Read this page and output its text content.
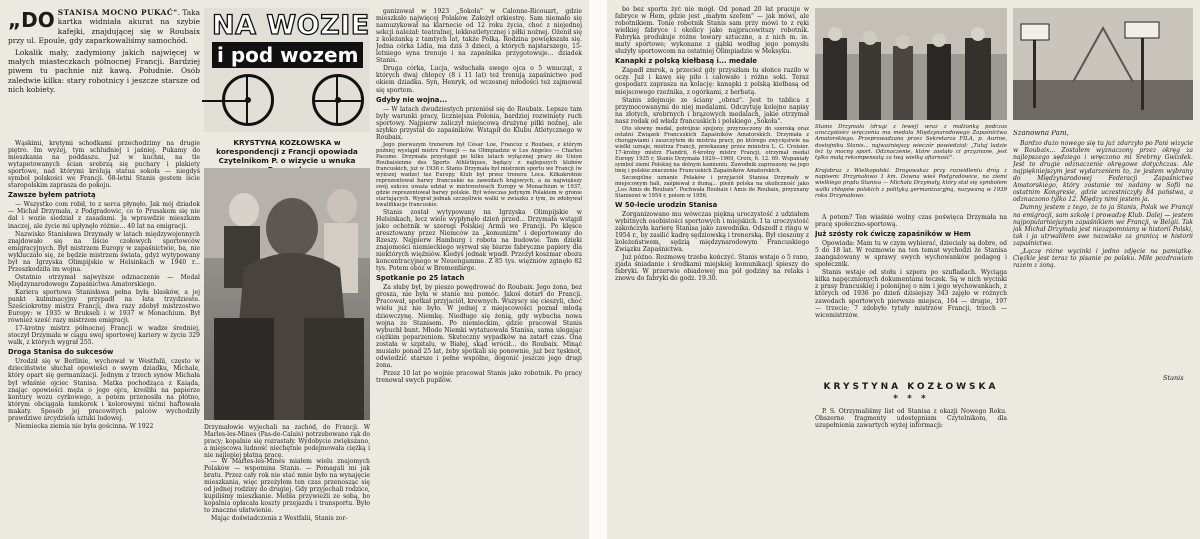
„DO STANISA MOCNO PUKAĆ". Taka kartka widniała akurat na szybie kafejki, znajdującej się w Roubaix przy ul. Epoule, gdy zaparkowaliśmy samochód.
Lokalik mały, zadymiony jakich najwięcej w małych miasteczkach północnej Francji. Bardziej piwem tu pachnie niż kawą. Południe. Osób zaledwie kilka: stary robotnicy i jeszcze starsze od nich kobiety.

Wąskimi, krętymi schodkami przechodzimy na drugie piętro. Im wyżej, tym schludniej i jaśniej. Pukamy do mieszkania na poddaszu. Już w kuchni, na tle wytapetowanych ścian srebrzą się puchary i plakiety sportowe, nad którymi królują statua sokoła — niegdyś symbol polskości we Francji. 68-letni Stanis gestem iście staropolskim zaprasza do pokoju.

Zawsze byłem patriotą

— Wszystko com robił, to z serca płynęło. Jak mój dziadek — Michał Drzymała, z Podgradowic, co to Prusakom się nie dał i wozie siedział z zasadami. Ja wprawdzie mieszkam inaczej, ale życie mi upłynęło różnie... 40 lat na emigracji.

Nazwisko Stanisława Drzymały w latach międzywojennych znajdowało się na liście czołowych sportowców emigracyjnych. Był mistrzem Europy w zapaśnictwie, ba, nie wykluczało się, że będzie mistrzem świata, gdyż wytypowany był na Igrzyska Olimpijskie w Helsinkach w 1940 r... Przeszkodziła im wojna.

Ostatnio otrzymał najwyższe odznaczenie — Medal Międzynarodowego Zapaśnictwa Amatorskiego.

Kariera sportowa Stanisława pełna była blasków, a jej punkt kulminacyjny przypadł na lata trzydzieste. Sześciokrotny mistrz Francji, dwa razy zdobył mistrzostwo Europy: w 1935 w Brukseli i w 1937 w Monachium. Był również sześć razy mistrzem emigracji.

17-krotny mistrz północnej Francji w wadze średniej, stoczył Drzymała w ciągu swej sportowej kariery w życiu 329 walk, z których wygrał 255.

Droga Stanisa do sukcesów

Urodził się w Berlinie, wychował w Westfalii, często w dzieciństwie słuchał opowieści o swym dziadku, Michale, który opart się germanizacji. Jednym z trzech synów Michała był właśnie ojciec Stanisa. Matka pochodząca z Kaiąda, znając opowieści męża o jego ojcu, kreśliła na papierze kontury wozu cyrkowego, a potem przenosiła na płótno, którym obciągała łamkorek i kolorowymi nićmi haftowała makaty. Sposób jej pracowitych palców wychodziły prawdziwe arcydzieła sztuki ludowej.

Niemiecka ziemia nie była gościnna. W 1922

NA WOZIE
i pod wozem
KRYSTYNA KOZŁOWSKA w korespondencji z Francji opowiada Czytelnikom P. o wizycie u wnuka
Drzymałowie wyjechali na zachód, do Francji. W Marles-les-Mines (Pas-de-Calais) potrzebowano rąk do pracy; kopalnie się rozrastały. Wydobycie zwiększano, a miejscowa ludność niechętnie podejmowała ciężką i nie najlepiej płatną pracę.

— W Marles-les-Mines miałem wielu znajomych Polaków — wspomina Stanis. — Pomagali mi jak bratu. Przez cały rok nie stać mnie było na wynajęcie mieszkania, więc przeżyłem ten czas przenosząc się od jednej rodziny do drugiej. Gdy przyjechali rodzice, kupiliśmy mieszkanie. Mebla przywieźli ze sobą, bo kopalnia opłacała koszty przejazdu i transportu. Było to znaczne ułatwienie.

Mając doświadczenia z Westfalii, Stanis zor-

ganizował w 1923 „Sokoła" w Calonne-Ricouart, gdzie mieszkało najwięcej Polaków. Założył orkiestrę. Sam niemało się namuzykował na klarnecie od 12 roku życia, choć z niejednej sekcji należał: teatralnej, lekkoatletycznej i piłki nożnej. Ożenił się z koleżanką z tamtych lat, także Polką. Rodzina powiększała się. Jedna córka Lidia, ma dziś 3 dzieci, a których najstarszego, 15-letniego syna trenuje i na zapaśnika przygotowuje... dziadek Stanis.

Druga córka, Lucja, wsłuchała swego ojca o 5 wnucząt, z których dwaj chłopcy (8 i 11 lat) też trenują zapaśnictwo pod okiem dziadka. Syn, Henryk, od wczesnej młodości też zajmowal się sportem.

Gdyby nie wojna...

— W latach dwudziestych przeniósł się do Roubaix. Lepsze tam były warunki pracy, liczniejsza Polonia, bardziej rozwinięty ruch sportowy. Najpierw zaliczył miejscową drużynę piłki nożnej, ale szybko przystał do zapaśników. Wstąpił do Klubu Atletycznego w Roubaix.

Jego pierwszym trenerem był César Loe, Francuz z Roubaix, z którym później wystąpił mistrz Francji — na Olimpiadzie w Los Angeles — Charles Pacome. Drzymała przystąpił po kilku latach wyłącznej pracy do Union Roubaisienne des Sports Athlétiques, będący z najlepszych klubów francuskich, już w 1936 r. Stanis Drzymała był mistrzem sportu we Francji (w wyższej wadze) tez Europy. Klub był przez trenera Loca. Kilkakrotnie reprezentował barwy francuskie na zawodach krajowych, a za największy swój sukces uważa udział w mistrzostwach Europy w Monachium w 1937, gdzie reprezentował barwy polskie. Był wówczas jedynym Polakiem w gronie startujących. Wygrał jednak szczęśliwie walki w zwiazku z tym, że zdobywał kwalifikacje francuskie.

Stanis został wytypowany na Igrzyska Olimpijskie w Helsinkach, lecz wiele wypłynęło dzień przed... Drzymała wstąpił jako ochotnik w szeregi Polskiej Armii we Francji. Po klęsce aresztowany przez Niemców za „komunizm" i deportowany do Rzeszy. Najpierw Hamburg i robota na budowie. Tam dzięki znajomości niemieckiego wyrwał się biurze fabryczne papiery dla niektórych więźniów. Kiedyś jednak wpadł. Przeżył koszmar obozu koncentracyjnego w Neuengamme. Z 85 tys. więźniów zginęło 82 tys. Potem obóz w Bremenfarge.

Spotkanie po 25 latach

Za słaby był, by pieszo powędrować do Roubaix. Jego żona, bez grosza, nie była w stanie mu pomóc. Jakoś dotarł do Francji. Pracował, spotkał przyjaciół, krewnych. Wszyscy się cieszyli, choć wielu już nie było. W jednej z miejscowości poznał młodą dziewczynę. Niemkę. Niedługo się żenią, gdy wybucha nowa wojna ze Stanisem. Po niemieckim, gdzie pracował Stanis wybuchł bunt. Młode Niemki wytatuowała Stanisa, sama ulegając ciężkim poparzeniom. Skuteczny wypadków na zatarł czas. Ona została w szpitalu, w Białej, skąd wrócił... do Roubaix. Minąć musiało ponad 25 lat, żeby spotkali się ponownie, już bez tęsknot, odwiedzić starsze i pełne wspólne, dogonić jeszcze jego drugi żona.

Przez 10 lat po wojnie pracował Stanis jako robotnik. Po pracy trenował swych pupilów.

bo bez sportu żyć nie mógł. Od ponad 20 lat pracuje w fabryce w Hem, gdzie jest „małym szefem" — jak mówi, ale robotnikiem. Tonie robotnik Stanis sam przy mówi to z ręki wielkiej fabryce i okolicy jako najpracowitszy robotnik. Fabryka produkuje różne towary sztuczne, a z nich m. in. maty sportowe; wykonane z gąbki według jego pomysłu służyły sportowcom na ostatniej Olimpiadzie w Meksyku.

Kanapki z polską kiełbasą i... medale

Zapadł zmrok, a przecież gdy przyszłam tu słońce raziło w oczy. Już i kawę się piło i całowało i różne soki. Teraz gospodarz zaprasza na kolację: kanapki z polską kiełbasą od miejscowego rzeźnika, z ogórkami, z herbatą.

Stanis zdejmuje ze ściany „obraz". Jest to tablica z przymocowanymi do niej medalami. Odczytuję kolejno napisy na złotych, srebrnych i brązowych medalach, jakie otrzymał nasz rodak od władz francuskich i polskiego „Sokoła".

Oto słowny medal, potrójnie spojony, przyrzeczony do szeroką oraz ostatni Związek Francuskich Zapaśników Amatorskich. Drzymała z chorągwiami i zaszczytem do mistrza pracy, po którego zwycięstwie na wielki uznaje, mistrza Francji, przekazany przez ministra L. C. Croisier. 17-krotny mistrz Flandrii, 6-krotny mistrz Francji, otrzymał medal Europy 1935 r, Stanis Drzymała 1929—1969, Croix, 6. 12. 69. Wspaniały symbol ziemi Polskiej na dolnym kamieniu. Zawodnik zaproszony na jego imię i polskie znaczenie Francuskich Zapaśników Amatorskich.

Szczególne uznanie Polaków i przyjaciół Stanisa Drzymały w miejscowym hali, zaśpiewał z dumą... pieśń polska na okoliczność jako „Les Amis de Roubaix". Pochwała Roubaix i Amis de Roubaix, przyznany Stanisowi w 1954 r, potem w 1956.

W 50-lecie urodzin Stanisa

Zorganizowano mu wówczas piękną uroczystość z udziałem wybitnych osobistości sportowych i miejskich. I ta uroczystość zakończyła karierę Stanisa jako zawodnika. Odszedł z ringu w 1954 r., by zasilić kadrę sędziowską i trenerską. Był cieszony z koleżeństwem, sędzią międzynarodowym Francuskiego Związku Zapaśnictwa.

Już późno. Rozmowę trzeba kończyć. Stanis wstaje o 5 rano, zjada śniadanie i środkami miejskiej komunikacji śpieszy do fabryki. W przerwie obiadowej ma pół godziny na relaks i znowu do fabryki do godz. 19.30.

Stanis Drzymała (drugi z lewej) wraz z małżonką podczas uroczystości wręczenia mu medalu Międzynarodowego Zapaśnictwa Amatorskiego. Przeprowadzana przez Sekretarza FILA, p. Aurine, dostojniku Stanis... najważniejszy wieczór powiedział: „Tutaj ludzie też ty mocny sport. Odznaczenie, które zostało ci przyznane, jest tylko małą rekompensatą za twą wielką ofiarność".
Krajobraz z Wielkopolski. Drogowskaz przy rozwidleniu dróg z napisem: Drzymałowo 1 km. Dawna wieś Podgradowice, na ziemi wielkiego prądu Stanisa — Michała Drzymały, który stał się symbolem walki chłopów polskich z polityką germanizacyjną, nazywaną w 1939 roku Drzymałowo.

A potem? Ten wiaśnie wolny czas poświęca Drzymała na pracę społeczno-sportową.

Już szósty rok ćwiczę zapaśników w Hem

Opowiada: Mam tu w czym wybierać, dziecialy są dobre, od 5 do 18 lat. W rozmowie na ten temat wychodzi że Stanisa zaangażowany w sprawy swych wychowanków pedagog i społecznik.

Stanis wstaje od stołu i szpera po szufladach. Wyciąga kilka napęcznionych dokumentami teczek. Są w nich wycinki z prasy francuskiej i polonijnej o nim i jego wychowankach, z których od 1936 po dzień dzisiejszy 343 zajęło w różnych zawodach sportowych pierwsze miejsca, 164 — drugie, 197 — trzecie; 7 zdobyło tytuły mistrzów Francji, trzech — wicemistrzów.

KRYSTYNA KOZŁOWSKA
* * *

P. S. Otrzymaliśmy list od Stanisa z okazji Nowego Roku. Obszerne fragmenty udostępniam Czytelnikom, dla uzupełnienia zawartych wyżej informacji:

Szanowna Pani,

Bardzo dużo nowego się tu już zdarzyło po Pani wizycie w Roubaix... Zostałem wyznaczony przez okręg za najlepszego sędziego i wręczono mi Srebrny Gwizdek. Jest to drugie odznaczenie okręgowe dotychczas. Ale najpiękniejszym jest wydarzeniem to, że jestem wybrany do Międzynarodowej Federacji Zapaśnictwa Amatorskiego, który zostanie mi nadany w Sofii na ostatnim Kongresie, gdzie uczestniczyły 84 państwa, a odznaczono tylko 12. Między nimi jestem ja.

Dumny jestem z tego, że to ja Stanis, Polak we Francji na emigracji, sam szkolę i prowadzę Klub. Dalej — jestem najpopularniejszym zapaśnikiem we Francji, w Belgii. Tak jak Michał Drzymała jest niezapomniany w historii Polski, tak i ja utrwaliłem swe nazwisko za granicą w historii zapaśnictwa.

„Łączę różne wycinki i jedno zdjęcie na pamiątkę. Ciężkie jest teraz to pisanie po polsku. Miłe pozdrawiam razem z żoną.

Stanis
